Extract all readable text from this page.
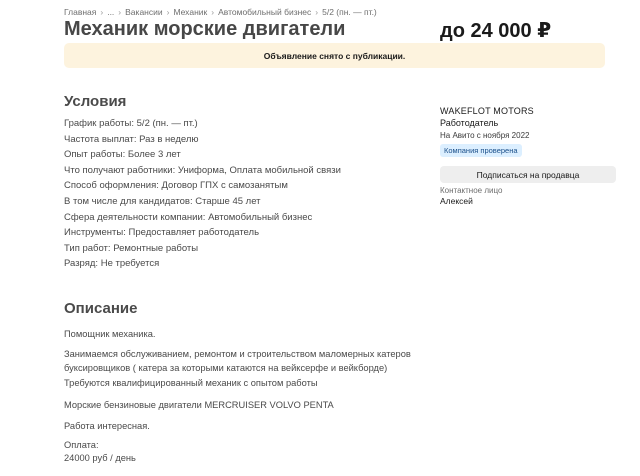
Главная › ... › Вакансии › Механик › Автомобильный бизнес › 5/2 (пн. — пт.)
Механик морские двигатели	до 24 000 ₽
Объявление снято с публикации.
Условия
График работы: 5/2 (пн. — пт.)
Частота выплат: Раз в неделю
Опыт работы: Более 3 лет
Что получают работники: Униформа, Оплата мобильной связи
Способ оформления: Договор ГПХ с самозанятым
В том числе для кандидатов: Старше 45 лет
Сфера деятельности компании: Автомобильный бизнес
Инструменты: Предоставляет работодатель
Тип работ: Ремонтные работы
Разряд: Не требуется
Описание

Помощник механика.

Занимаемся обслуживанием, ремонтом и строительством маломерных катеров буксировщиков ( катера за которыми катаются на вейксерфе и вейкборде)

Требуются квалифицированный механик с опытом работы

Морские бензиновые двигатели MERCRUISER VOLVO PENTA

Работа интересная.

Оплата:

24000 руб / день

WAKEFLOT MOTORS
Работодатель
На Авито с ноября 2022
Компания проверена
Подписаться на продавца
Контактное лицо
Алексей
